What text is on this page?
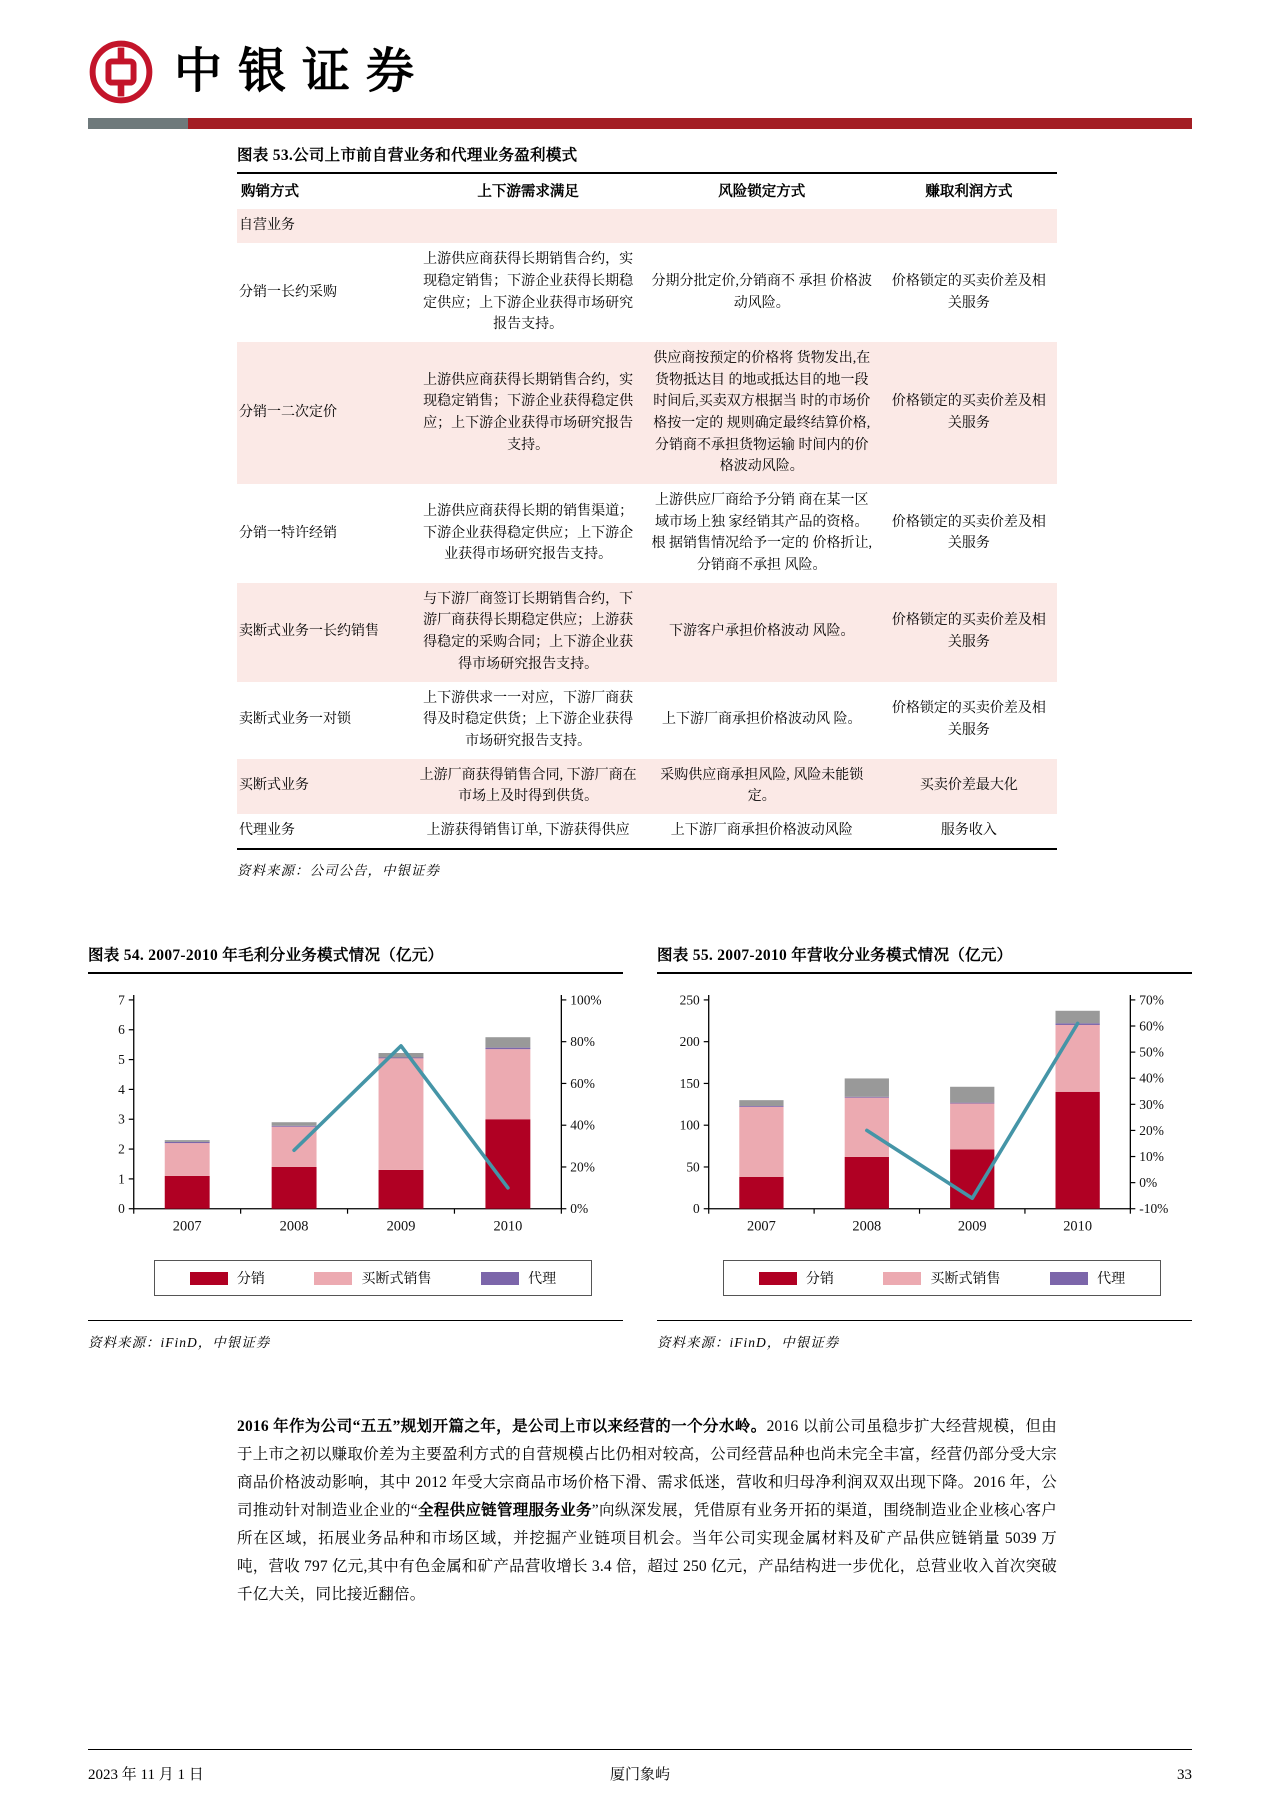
中银证券
图表 53.公司上市前自营业务和代理业务盈利模式
购销方式	上下游需求满足	风险锁定方式	赚取利润方式
自营业务			
分销一长约采购	上游供应商获得长期销售合约，实现稳定销售；下游企业获得长期稳定供应；上下游企业获得市场研究报告支持。	分期分批定价,分销商不 承担 价格波动风险。	价格锁定的买卖价差及相关服务
分销一二次定价	上游供应商获得长期销售合约，实现稳定销售；下游企业获得稳定供应；上下游企业获得市场研究报告支持。	供应商按预定的价格将 货物发出,在货物抵达目 的地或抵达目的地一段 时间后,买卖双方根据当 时的市场价格按一定的 规则确定最终结算价格, 分销商不承担货物运输 时间内的价格波动风险。	价格锁定的买卖价差及相关服务
分销一特许经销	上游供应商获得长期的销售渠道；下游企业获得稳定供应；上下游企业获得市场研究报告支持。	上游供应厂商给予分销 商在某一区域市场上独 家经销其产品的资格。根 据销售情况给予一定的 价格折让,分销商不承担 风险。	价格锁定的买卖价差及相关服务
卖断式业务一长约销售	与下游厂商签订长期销售合约，下游厂商获得长期稳定供应；上游获得稳定的采购合同；上下游企业获得市场研究报告支持。	下游客户承担价格波动 风险。	价格锁定的买卖价差及相关服务
卖断式业务一对锁	上下游供求一一对应，下游厂商获得及时稳定供货；上下游企业获得市场研究报告支持。	上下游厂商承担价格波动风 险。	价格锁定的买卖价差及相关服务
买断式业务	上游厂商获得销售合同, 下游厂商在市场上及时得到供货。	采购供应商承担风险, 风险未能锁定。	买卖价差最大化
代理业务	上游获得销售订单, 下游获得供应	上下游厂商承担价格波动风险	服务收入
资料来源：公司公告，中银证券
图表 54. 2007-2010 年毛利分业务模式情况（亿元）
0
1
2
3
4
5
6
7
0%
20%
40%
60%
80%
100%
2007	2008	2009	2010
分销	买断式销售	代理
资料来源：iFinD，中银证券
图表 55. 2007-2010 年营收分业务模式情况（亿元）
0
50
100
150
200
250
-10%
0%
10%
20%
30%
40%
50%
60%
70%
2007	2008	2009	2010
分销	买断式销售	代理
资料来源：iFinD，中银证券
2016 年作为公司“五五”规划开篇之年，是公司上市以来经营的一个分水岭。2016 以前公司虽稳步扩大经营规模，但由于上市之初以赚取价差为主要盈利方式的自营规模占比仍相对较高，公司经营品种也尚未完全丰富，经营仍部分受大宗商品价格波动影响，其中 2012 年受大宗商品市场价格下滑、需求低迷，营收和归母净利润双双出现下降。2016 年，公司推动针对制造业企业的“全程供应链管理服务业务”向纵深发展，凭借原有业务开拓的渠道，围绕制造业企业核心客户所在区域，拓展业务品种和市场区域，并挖掘产业链项目机会。当年公司实现金属材料及矿产品供应链销量 5039 万吨，营收 797 亿元,其中有色金属和矿产品营收增长 3.4 倍，超过 250 亿元，产品结构进一步优化，总营业收入首次突破千亿大关，同比接近翻倍。
2023 年 11 月 1 日	厦门象屿	33
